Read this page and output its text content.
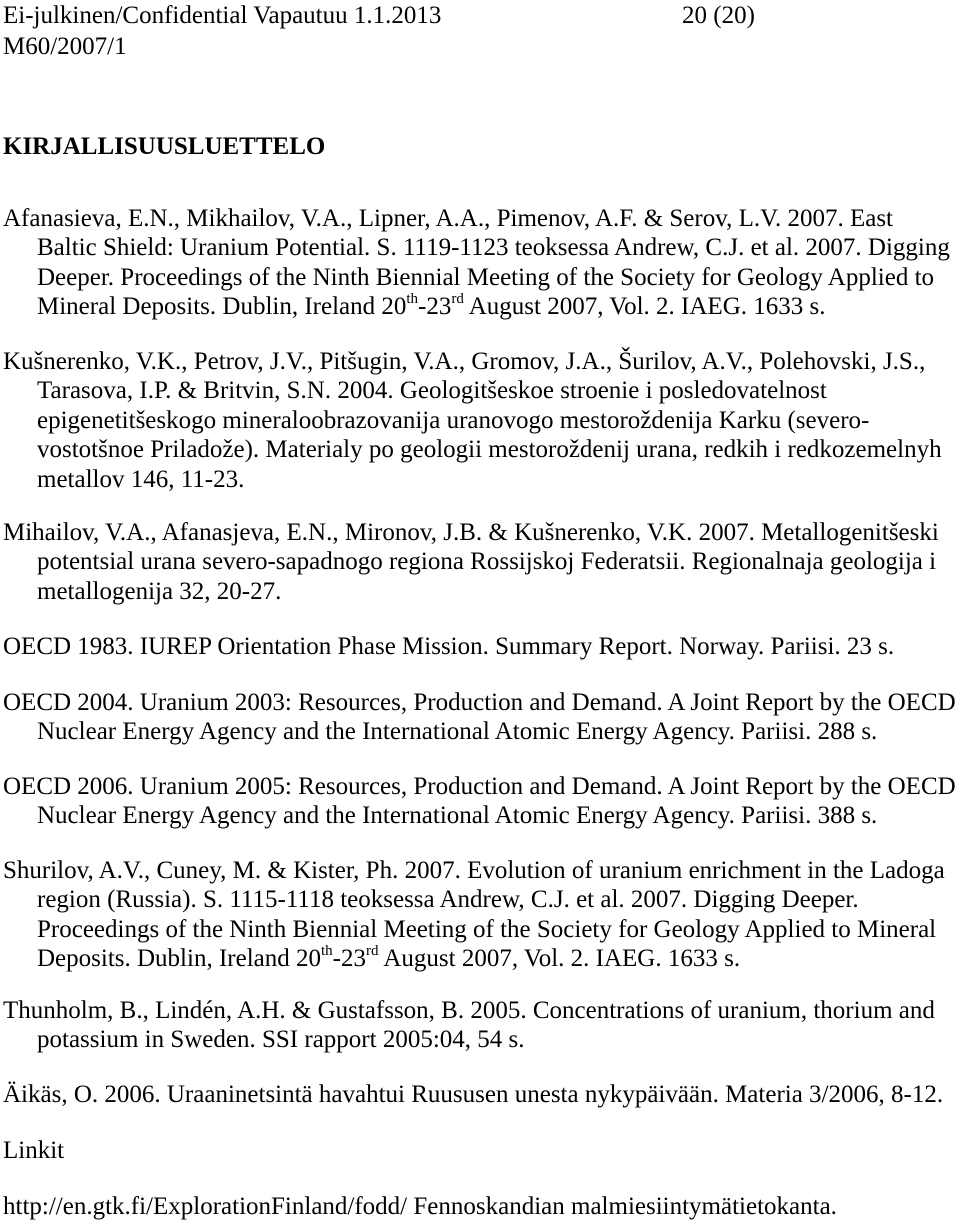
Ei-julkinen/Confidential Vapautuu 1.1.2013
M60/2007/1
20 (20)
KIRJALLISUUSLUETTELO

Afanasieva, E.N., Mikhailov, V.A., Lipner, A.A., Pimenov, A.F. & Serov, L.V. 2007. East Baltic Shield: Uranium Potential. S. 1119-1123 teoksessa Andrew, C.J. et al. 2007. Digging Deeper. Proceedings of the Ninth Biennial Meeting of the Society for Geology Applied to Mineral Deposits. Dublin, Ireland 20th-23rd August 2007, Vol. 2. IAEG. 1633 s.

Kušnerenko, V.K., Petrov, J.V., Pitšugin, V.A., Gromov, J.A., Šurilov, A.V., Polehovski, J.S., Tarasova, I.P. & Britvin, S.N. 2004. Geologitšeskoe stroenie i posledovatelnost epigenetitšeskogo mineraloobrazovanija uranovogo mestoroždenija Karku (severo-vostotšnoe Priladože). Materialy po geologii mestoroždenij urana, redkih i redkozemelnyh metallov 146, 11-23.

Mihailov, V.A., Afanasjeva, E.N., Mironov, J.B. & Kušnerenko, V.K. 2007. Metallogenitšeski potentsial urana severo-sapadnogo regiona Rossijskoj Federatsii. Regionalnaja geologija i metallogenija 32, 20-27.

OECD 1983. IUREP Orientation Phase Mission. Summary Report. Norway. Pariisi. 23 s.

OECD 2004. Uranium 2003: Resources, Production and Demand. A Joint Report by the OECD Nuclear Energy Agency and the International Atomic Energy Agency. Pariisi. 288 s.

OECD 2006. Uranium 2005: Resources, Production and Demand. A Joint Report by the OECD Nuclear Energy Agency and the International Atomic Energy Agency. Pariisi. 388 s.

Shurilov, A.V., Cuney, M. & Kister, Ph. 2007. Evolution of uranium enrichment in the Ladoga region (Russia). S. 1115-1118 teoksessa Andrew, C.J. et al. 2007. Digging Deeper. Proceedings of the Ninth Biennial Meeting of the Society for Geology Applied to Mineral Deposits. Dublin, Ireland 20th-23rd August 2007, Vol. 2. IAEG. 1633 s.

Thunholm, B., Lindén, A.H. & Gustafsson, B. 2005. Concentrations of uranium, thorium and potassium in Sweden. SSI rapport 2005:04, 54 s.

Äikäs, O. 2006. Uraaninetsintä havahtui Ruususen unesta nykypäivään. Materia 3/2006, 8-12.

Linkit
http://en.gtk.fi/ExplorationFinland/fodd/ Fennoskandian malmiesiintymätietokanta.
